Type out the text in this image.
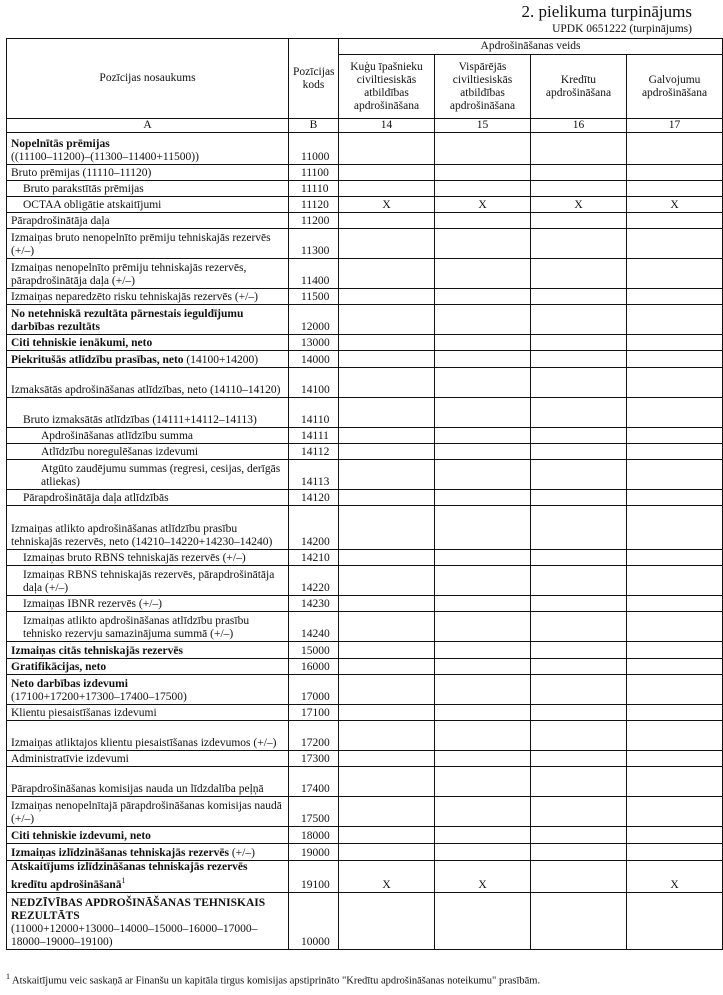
2. pielikuma turpinājums
UPDK 0651222 (turpinājums)
Pozīcijas nosaukums	Pozīcijas kods	Apdrošināšanas veids			
		Kuģu īpašnieku civiltiesiskās atbildības apdrošināšana	Vispārējās civiltiesiskās atbildības apdrošināšana	Kredītu apdrošināšana	Galvojumu apdrošināšana
A	B	14	15	16	17
Nopelnītās prēmijas
((11100–11200)–(11300–11400+11500))	11000				
Bruto prēmijas (11110–11120)	11100				
Bruto parakstītās prēmijas	11110				
OCTAA obligātie atskaitījumi	11120	X	X	X	X
Pārapdrošinātāja daļa	11200				
Izmaiņas bruto nenopelnīto prēmiju tehniskajās rezervēs (+/–)	11300				
Izmaiņas nenopelnīto prēmiju tehniskajās rezervēs, pārapdrošinātāja daļa (+/–)	11400				
Izmaiņas neparedzēto risku tehniskajās rezervēs (+/–)	11500				
No netehniskā rezultāta pārnestais ieguldījumu darbības rezultāts	12000				
Citi tehniskie ienākumi, neto	13000				
Piekritušās atlīdzību prasības, neto (14100+14200)	14000				
Izmaksātās apdrošināšanas atlīdzības, neto (14110–14120)	14100				
Bruto izmaksātās atlīdzības (14111+14112–14113)	14110				
Apdrošināšanas atlīdzību summa	14111				
Atlīdzību noregulēšanas izdevumi	14112				
Atgūto zaudējumu summas (regresi, cesijas, derīgās atliekas)	14113				
Pārapdrošinātāja daļa atlīdzībās	14120				
Izmaiņas atlikto apdrošināšanas atlīdzību prasību tehniskajās rezervēs, neto (14210–14220+14230–14240)	14200				
Izmaiņas bruto RBNS tehniskajās rezervēs (+/–)	14210				
Izmaiņas RBNS tehniskajās rezervēs, pārapdrošinātāja daļa (+/–)	14220				
Izmaiņas IBNR rezervēs (+/–)	14230				
Izmaiņas atlikto apdrošināšanas atlīdzību prasību tehnisko rezervju samazinājuma summā (+/–)	14240				
Izmaiņas citās tehniskajās rezervēs	15000				
Gratifikācijas, neto	16000				
Neto darbības izdevumi
(17100+17200+17300–17400–17500)	17000				
Klientu piesaistīšanas izdevumi	17100				
Izmaiņas atliktajos klientu piesaistīšanas izdevumos (+/–)	17200				
Administratīvie izdevumi	17300				
Pārapdrošināšanas komisijas nauda un līdzdalība peļņā	17400				
Izmaiņas nenopelnītajā pārapdrošināšanas komisijas naudā (+/–)	17500				
Citi tehniskie izdevumi, neto	18000				
Izmaiņas izlīdzināšanas tehniskajās rezervēs (+/–)	19000				
Atskaitījums izlīdzināšanas tehniskajās rezervēs kredītu apdrošināšanā$^1$	19100	X	X		X
NEDZĪVĪBAS APDROŠINĀŠANAS TEHNISKAIS REZULTĀTS
(11000+12000+13000–14000–15000–16000–17000–18000–19000–19100)	10000				
$^1$ Atskaitījumu veic saskaņā ar Finanšu un kapitāla tirgus komisijas apstiprināto "Kredītu apdrošināšanas noteikumu" prasībām.
